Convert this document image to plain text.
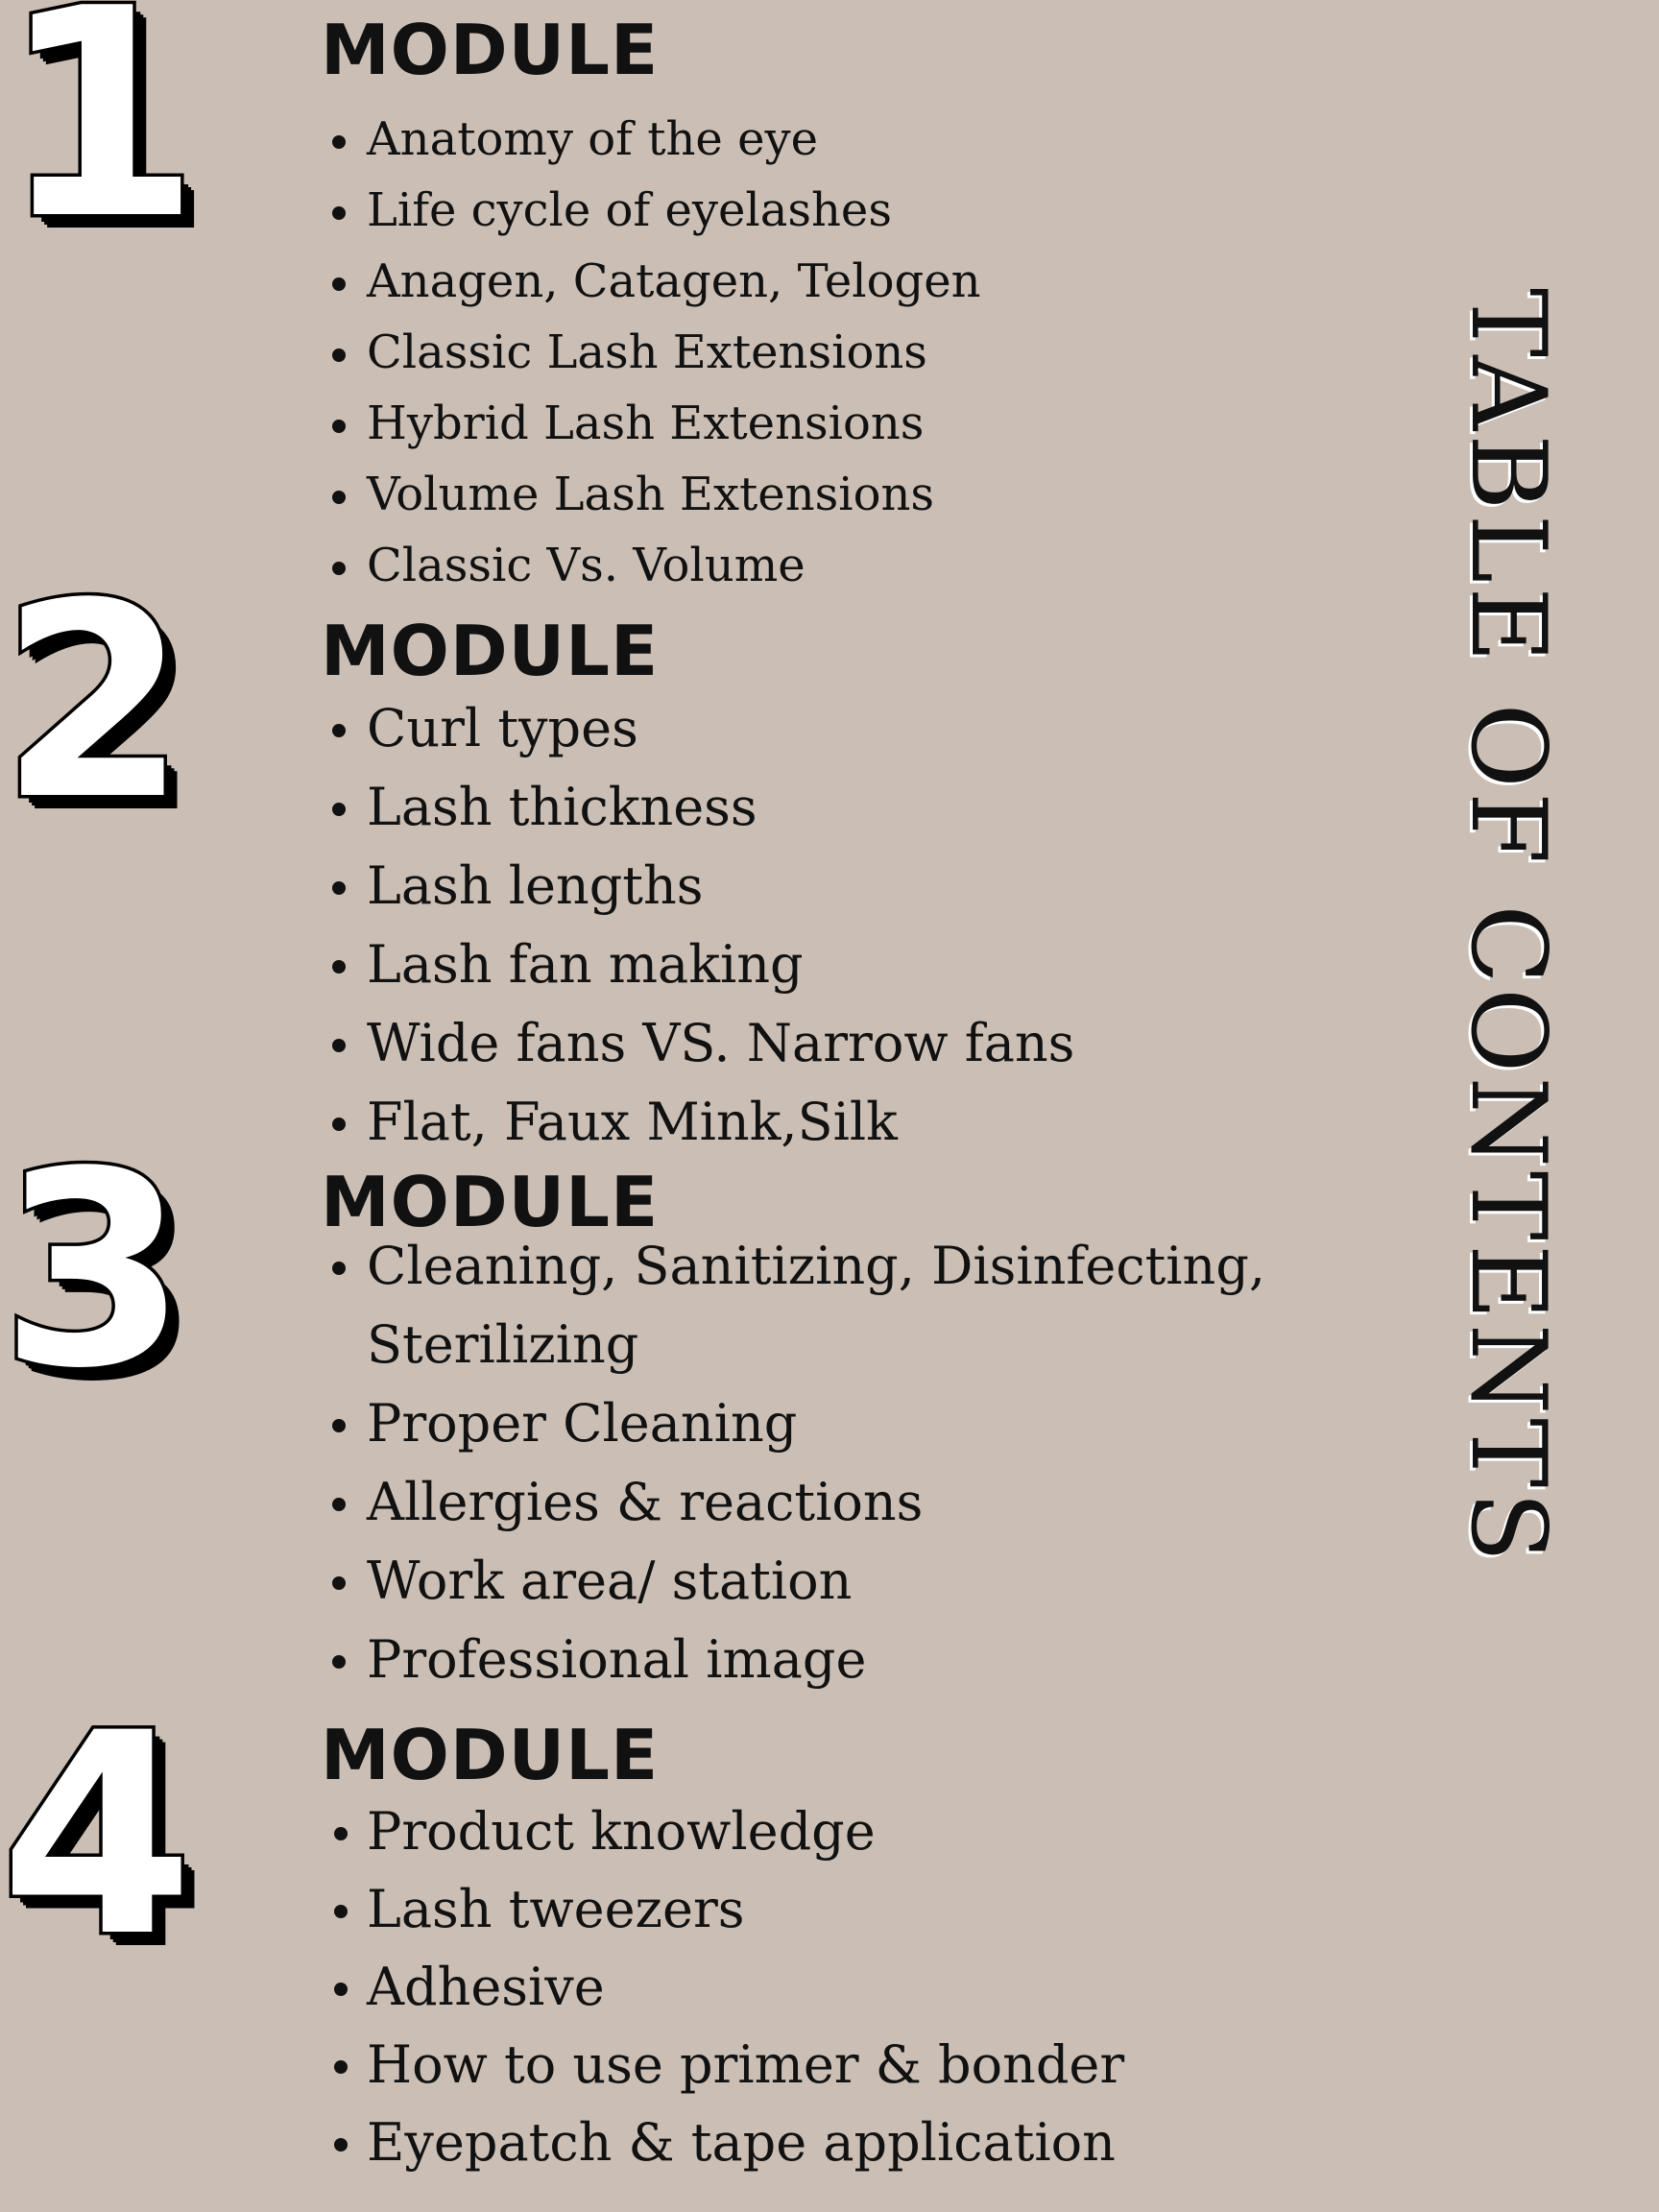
1 MODULE
Anatomy of the eye
Life cycle of eyelashes
Anagen, Catagen, Telogen
Classic Lash Extensions
Hybrid Lash Extensions
Volume Lash Extensions
Classic Vs. Volume
2 MODULE
Curl types
Lash thickness
Lash lengths
Lash fan making
Wide fans VS. Narrow fans
Flat, Faux Mink,Silk
3 MODULE
Cleaning, Sanitizing, Disinfecting, Sterilizing
Proper Cleaning
Allergies & reactions
Work area/ station
Professional image
4 MODULE
Product knowledge
Lash tweezers
Adhesive
How to use primer & bonder
Eyepatch & tape application
TABLE OF CONTENTS
